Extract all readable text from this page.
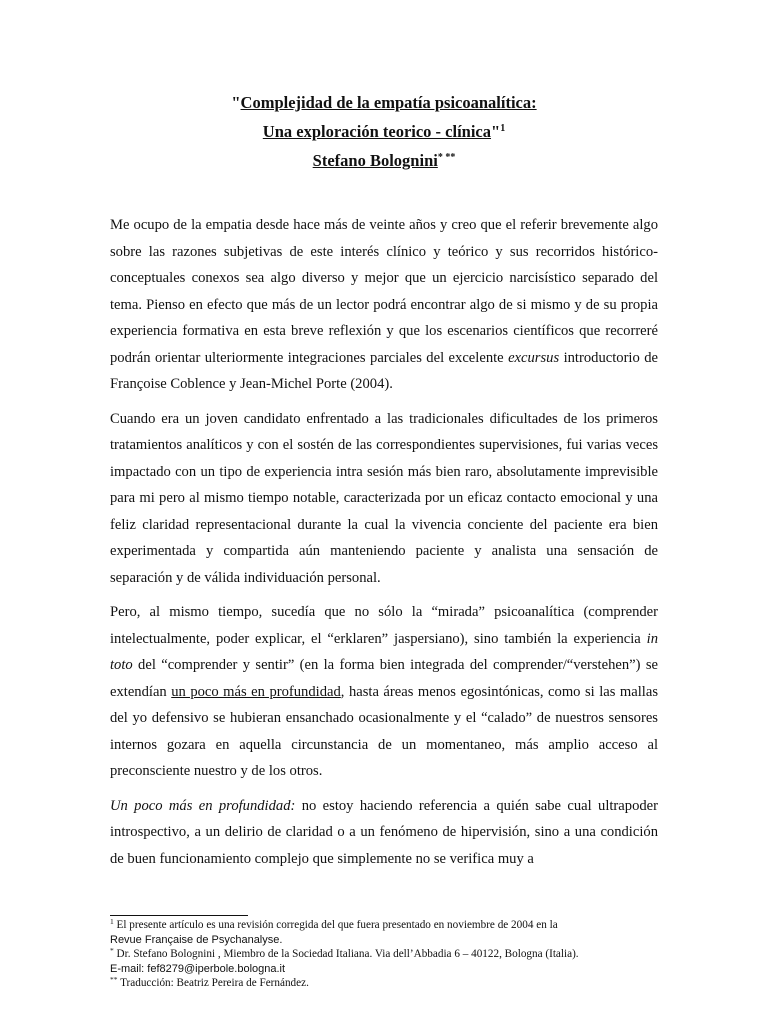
"Complejidad de la empatía psicoanalítica:
Una exploración teorico - clínica"$^1$
Stefano Bolognini* **

Me ocupo de la empatia desde hace más de veinte años y creo que el referir brevemente algo sobre las razones subjetivas de este interés clínico y teórico y sus recorridos histórico-conceptuales conexos sea algo diverso y mejor que un ejercicio narcisístico separado del tema. Pienso en efecto que más de un lector podrá encontrar algo de si mismo y de su propia experiencia formativa en esta breve reflexión y que los escenarios científicos que recorreré podrán orientar ulteriormente integraciones parciales del excelente excursus introductorio de Françoise Coblence y Jean-Michel Porte (2004).

Cuando era un joven candidato enfrentado a las tradicionales dificultades de los primeros tratamientos analíticos y con el sostén de las correspondientes supervisiones, fui varias veces impactado con un tipo de experiencia intra sesión más bien raro, absolutamente imprevisible para mi pero al mismo tiempo notable, caracterizada por un eficaz contacto emocional y una feliz claridad representacional durante la cual la vivencia conciente del paciente era bien experimentada y compartida aún manteniendo paciente y analista una sensación de separación y de válida individuación personal.

Pero, al mismo tiempo, sucedía que no sólo la “mirada” psicoanalítica (comprender intelectualmente, poder explicar, el “erklaren” jaspersiano), sino también la experiencia in toto del “comprender y sentir” (en la forma bien integrada del comprender/“verstehen”) se extendían un poco más en profundidad, hasta áreas menos egosintónicas, como si las mallas del yo defensivo se hubieran ensanchado ocasionalmente y el “calado” de nuestros sensores internos gozara en aquella circunstancia de un momentaneo, más amplio acceso al preconsciente nuestro y de los otros.

Un poco más en profundidad: no estoy haciendo referencia a quién sabe cual ultrapoder introspectivo, a un delirio de claridad o a un fenómeno de hipervisión, sino a una condición de buen funcionamiento complejo que simplemente no se verifica muy a

$^1$ El presente artículo es una revisión corregida del que fuera presentado en noviembre de 2004 en la
Revue Française de Psychanalyse.
* Dr. Stefano Bolognini , Miembro de la Sociedad Italiana. Via dell’Abbadia 6 – 40122, Bologna (Italia).
E-mail: fef8279@iperbole.bologna.it
** Traducción: Beatriz Pereira de Fernández.
